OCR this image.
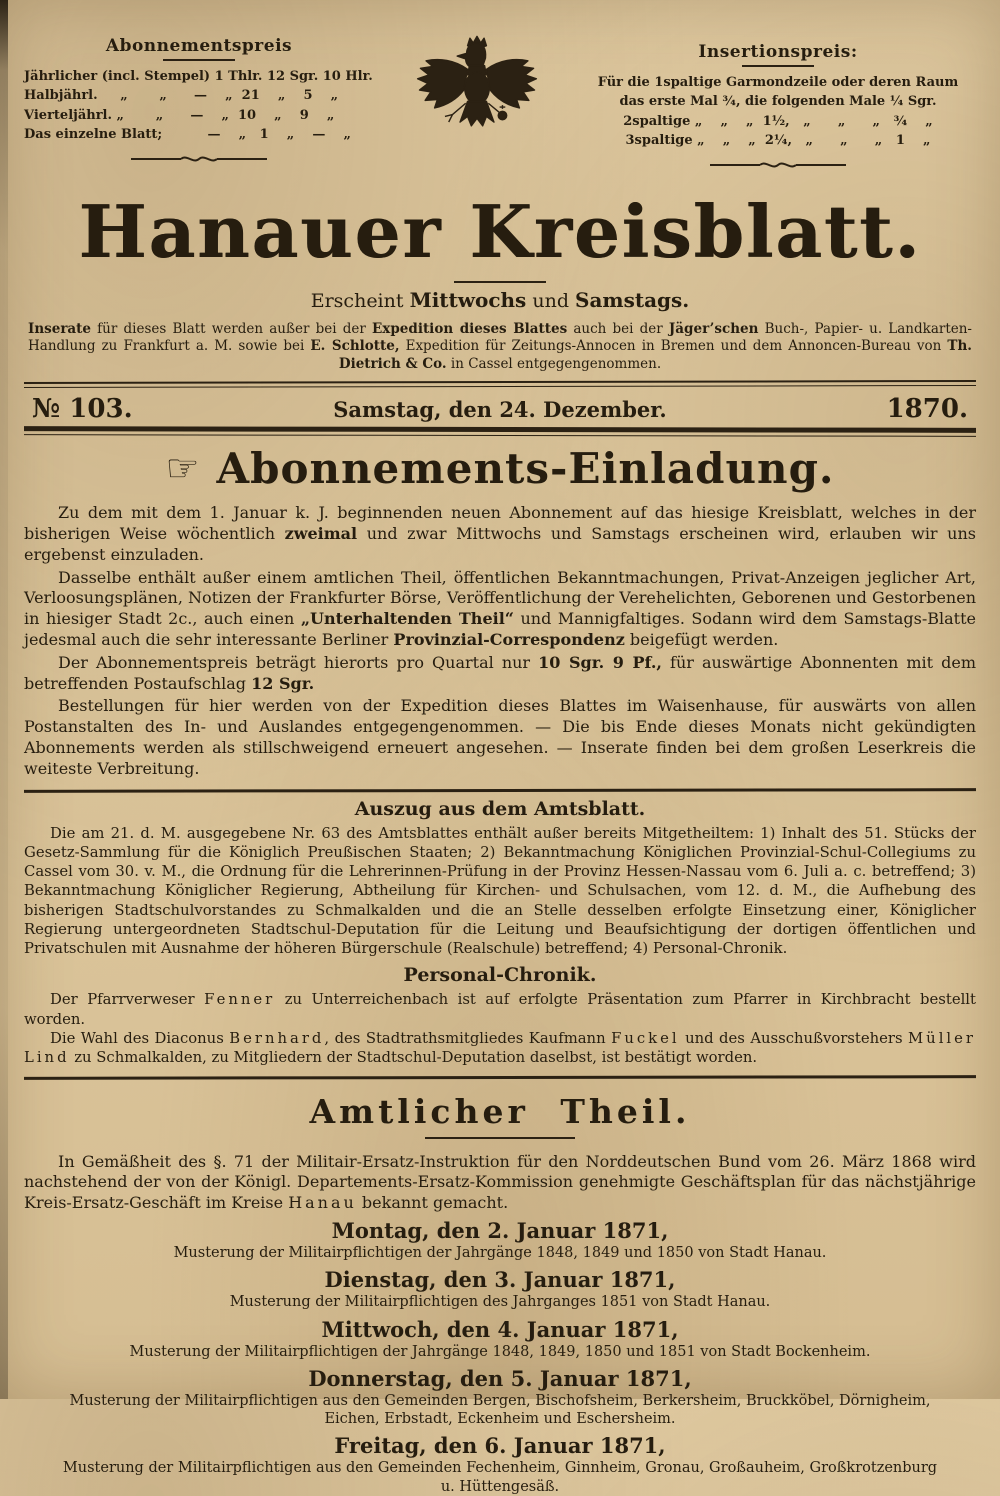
Abonnementspreis
Jährlicher (incl. Stempel) 1 Thlr. 12 Sgr. 10 Hlr.
Halbjährl.     „       „      —    „  21    „    5    „
Vierteljährl. „       „      —    „  10    „    9    „
Das einzelne Blatt;          —    „   1    „    —    „
Insertionspreis:
Für die 1spaltige Garmondzeile oder deren Raum
das erste Mal ¾, die folgenden Male ¼ Sgr.
2spaltige „    „    „  1½,   „      „      „   ¾    „
3spaltige „    „    „  2¼,   „      „      „   1    „
Hanauer Kreisblatt.
Erscheint Mittwochs und Samstags.

Inserate für dieses Blatt werden außer bei der Expedition dieses Blattes auch bei der Jäger’schen Buch-, Papier- u. Landkarten-Handlung zu Frankfurt a. M. sowie bei E. Schlotte, Expedition für Zeitungs-Annocen in Bremen und dem Annoncen-Bureau von Th. Dietrich & Co. in Cassel entgegengenommen.

№ 103.	Samstag, den 24. Dezember.	1870.
☞ Abonnements-Einladung.

Zu dem mit dem 1. Januar k. J. beginnenden neuen Abonnement auf das hiesige Kreisblatt, welches in der bisherigen Weise wöchentlich zweimal und zwar Mittwochs und Samstags erscheinen wird, erlauben wir uns ergebenst einzuladen.

Dasselbe enthält außer einem amtlichen Theil, öffentlichen Bekanntmachungen, Privat-Anzeigen jeglicher Art, Verloosungsplänen, Notizen der Frankfurter Börse, Veröffentlichung der Verehelichten, Geborenen und Gestorbenen in hiesiger Stadt 2c., auch einen „Unterhaltenden Theil“ und Mannigfaltiges. Sodann wird dem Samstags-Blatte jedesmal auch die sehr interessante Berliner Provinzial-Correspondenz beigefügt werden.

Der Abonnementspreis beträgt hierorts pro Quartal nur 10 Sgr. 9 Pf., für auswärtige Abonnenten mit dem betreffenden Postaufschlag 12 Sgr.

Bestellungen für hier werden von der Expedition dieses Blattes im Waisenhause, für auswärts von allen Postanstalten des In- und Auslandes entgegengenommen. — Die bis Ende dieses Monats nicht gekündigten Abonnements werden als stillschweigend erneuert angesehen. — Inserate finden bei dem großen Leserkreis die weiteste Verbreitung.

Auszug aus dem Amtsblatt.

Die am 21. d. M. ausgegebene Nr. 63 des Amtsblattes enthält außer bereits Mitgetheiltem: 1) Inhalt des 51. Stücks der Gesetz-Sammlung für die Königlich Preußischen Staaten; 2) Bekanntmachung Königlichen Provinzial-Schul-Collegiums zu Cassel vom 30. v. M., die Ordnung für die Lehrerinnen-Prüfung in der Provinz Hessen-Nassau vom 6. Juli a. c. betreffend; 3) Bekanntmachung Königlicher Regierung, Abtheilung für Kirchen- und Schulsachen, vom 12. d. M., die Aufhebung des bisherigen Stadtschulvorstandes zu Schmalkalden und die an Stelle desselben erfolgte Einsetzung einer, Königlicher Regierung untergeordneten Stadtschul-Deputation für die Leitung und Beaufsichtigung der dortigen öffentlichen und Privatschulen mit Ausnahme der höheren Bürgerschule (Realschule) betreffend; 4) Personal-Chronik.

Personal-Chronik.

Der Pfarrverweser Fenner zu Unterreichenbach ist auf erfolgte Präsentation zum Pfarrer in Kirchbracht bestellt worden.

Die Wahl des Diaconus Bernhard, des Stadtrathsmitgliedes Kaufmann Fuckel und des Ausschußvorstehers Müller Lind zu Schmalkalden, zu Mitgliedern der Stadtschul-Deputation daselbst, ist bestätigt worden.

Amtlicher Theil.

In Gemäßheit des §. 71 der Militair-Ersatz-Instruktion für den Norddeutschen Bund vom 26. März 1868 wird nachstehend der von der Königl. Departements-Ersatz-Kommission genehmigte Geschäftsplan für das nächstjährige Kreis-Ersatz-Geschäft im Kreise Hanau bekannt gemacht.

Montag, den 2. Januar 1871,
Musterung der Militairpflichtigen der Jahrgänge 1848, 1849 und 1850 von Stadt Hanau.
Dienstag, den 3. Januar 1871,
Musterung der Militairpflichtigen des Jahrganges 1851 von Stadt Hanau.
Mittwoch, den 4. Januar 1871,
Musterung der Militairpflichtigen der Jahrgänge 1848, 1849, 1850 und 1851 von Stadt Bockenheim.
Donnerstag, den 5. Januar 1871,
Musterung der Militairpflichtigen aus den Gemeinden Bergen, Bischofsheim, Berkersheim, Bruckköbel, Dörnigheim, Eichen, Erbstadt, Eckenheim und Eschersheim.
Freitag, den 6. Januar 1871,
Musterung der Militairpflichtigen aus den Gemeinden Fechenheim, Ginnheim, Gronau, Großauheim, Großkrotzenburg u. Hüttengesäß.
